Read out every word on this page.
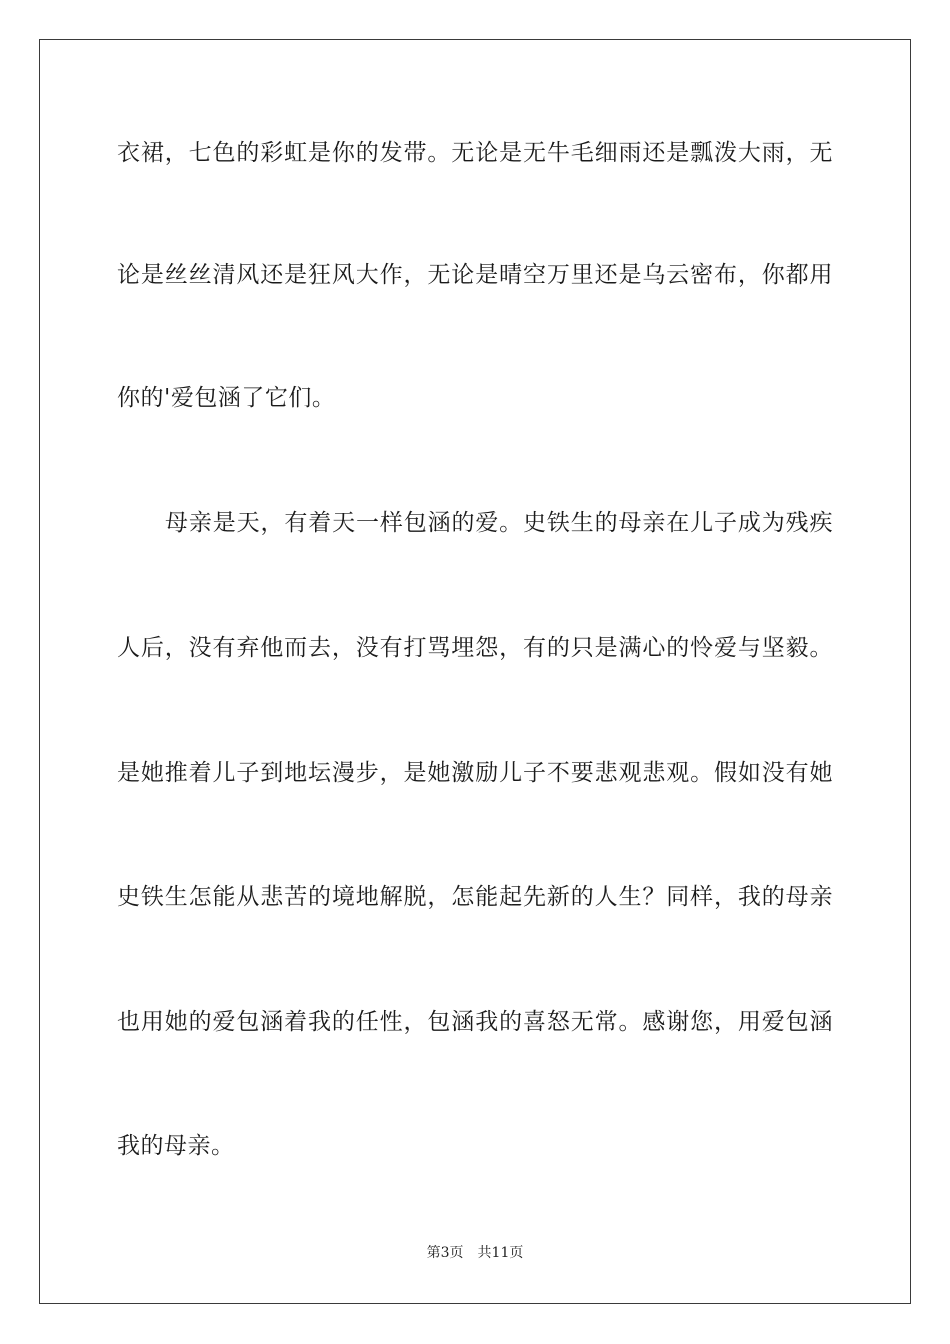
衣裙，七色的彩虹是你的发带。无论是无牛毛细雨还是瓢泼大雨，无
论是丝丝清风还是狂风大作，无论是晴空万里还是乌云密布，你都用
你的'爱包涵了它们。
母亲是天，有着天一样包涵的爱。史铁生的母亲在儿子成为残疾
人后，没有弃他而去，没有打骂埋怨，有的只是满心的怜爱与坚毅。
是她推着儿子到地坛漫步，是她激励儿子不要悲观悲观。假如没有她
史铁生怎能从悲苦的境地解脱，怎能起先新的人生？同样，我的母亲
也用她的爱包涵着我的任性，包涵我的喜怒无常。感谢您，用爱包涵
我的母亲。
第3页 共11页
